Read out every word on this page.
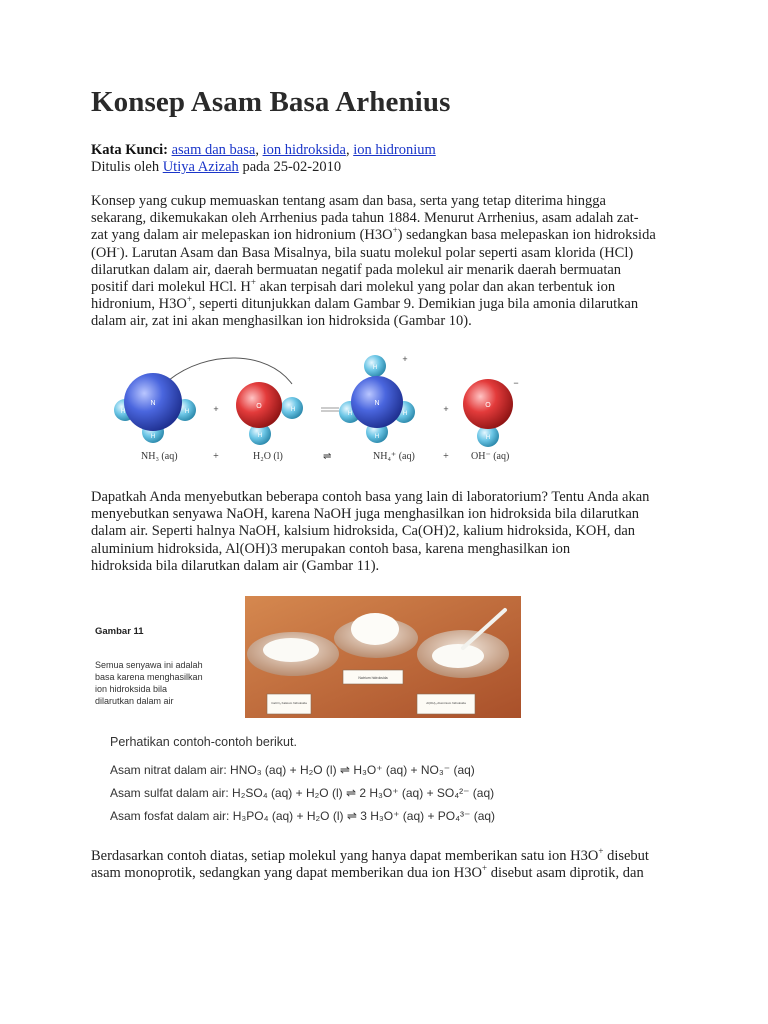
Konsep Asam Basa Arhenius
Kata Kunci: asam dan basa, ion hidroksida, ion hidronium
Ditulis oleh Utiya Azizah pada 25-02-2010
Konsep yang cukup memuaskan tentang asam dan basa, serta yang tetap diterima hingga
sekarang, dikemukakan oleh Arrhenius pada tahun 1884. Menurut Arrhenius, asam adalah zat-
zat yang dalam air melepaskan ion hidronium (H3O+) sedangkan basa melepaskan ion hidroksida
(OH-). Larutan Asam dan Basa Misalnya, bila suatu molekul polar seperti asam klorida (HCl)
dilarutkan dalam air, daerah bermuatan negatif pada molekul air menarik daerah bermuatan
positif dari molekul HCl. H+ akan terpisah dari molekul yang polar dan akan terbentuk ion
hidronium, H3O+, seperti ditunjukkan dalam Gambar 9. Demikian juga bila amonia dilarutkan
dalam air, zat ini akan menghasilkan ion hidroksida (Gambar 10).
N
H	H
H
+	O	H
H
N
H
H	H
H
+
+	O
H
−
NH₃ (aq)	+	H₂O (l)	⇌	NH₄⁺ (aq)	+ OH⁻ (aq)
Dapatkah Anda menyebutkan beberapa contoh basa yang lain di laboratorium? Tentu Anda akan
menyebutkan senyawa NaOH, karena NaOH juga menghasilkan ion hidroksida bila dilarutkan
dalam air. Seperti halnya NaOH, kalsium hidroksida, Ca(OH)2, kalium hidroksida, KOH, dan
aluminium hidroksida, Al(OH)3 merupakan contoh basa, karena menghasilkan ion
hidroksida bila dilarutkan dalam air (Gambar 11).
Gambar 11
Semua senyawa ini adalah
basa karena menghasilkan
ion hidroksida bila
dilarutkan dalam air	CaCO₃ Kalsium hidroksida
Natrium hidroksida
Al(OH)₃ Aluminium hidroksida
Perhatikan contoh-contoh berikut.
Asam nitrat dalam air: HNO₃ (aq) + H₂O (l) ⇌ H₃O⁺ (aq) + NO₃⁻ (aq)
Asam sulfat dalam air: H₂SO₄ (aq) + H₂O (l) ⇌ 2 H₃O⁺ (aq) + SO₄²⁻ (aq)
Asam fosfat dalam air: H₃PO₄ (aq) + H₂O (l) ⇌ 3 H₃O⁺ (aq) + PO₄³⁻ (aq)
Berdasarkan contoh diatas, setiap molekul yang hanya dapat memberikan satu ion H3O+ disebut
asam monoprotik, sedangkan yang dapat memberikan dua ion H3O+ disebut asam diprotik, dan
